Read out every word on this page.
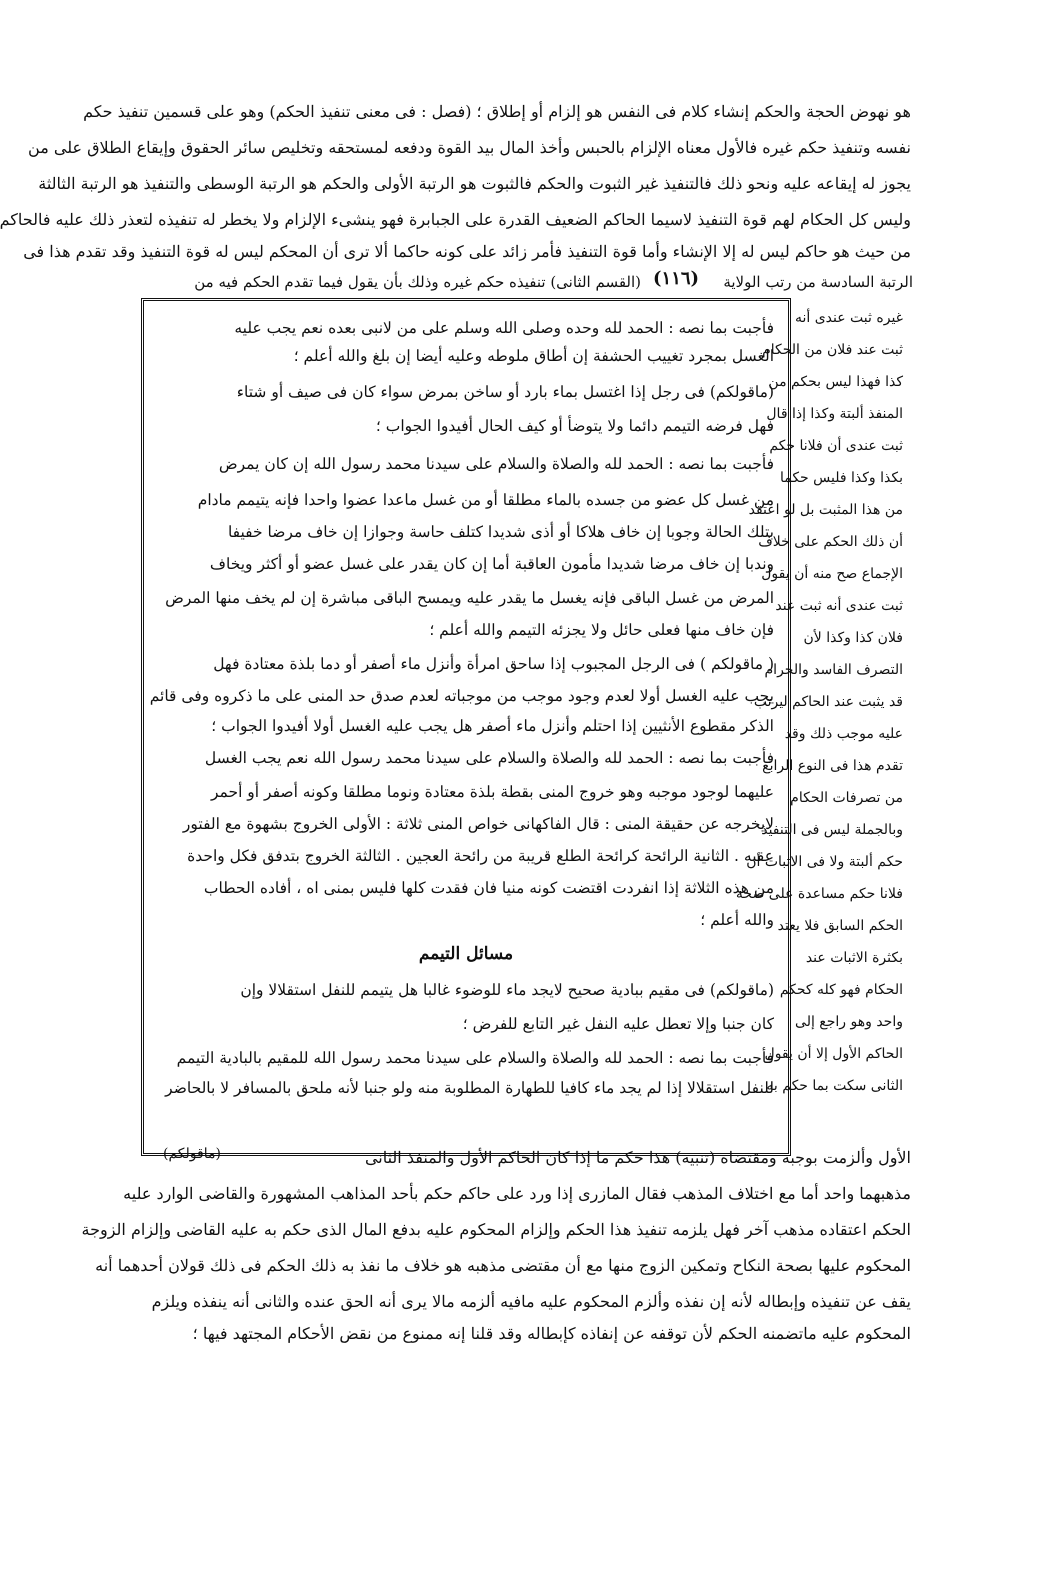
هو نهوض الحجة والحكم إنشاء كلام فى النفس هو إلزام أو إطلاق ؛ (فصل : فى معنى تنفيذ الحكم) وهو على قسمين تنفيذ حكم
نفسه وتنفيذ حكم غيره فالأول معناه الإلزام بالحبس وأخذ المال بيد القوة ودفعه لمستحقه وتخليص سائر الحقوق وإيقاع الطلاق على من
يجوز له إيقاعه عليه ونحو ذلك فالتنفيذ غير الثبوت والحكم فالثبوت هو الرتبة الأولى والحكم هو الرتبة الوسطى والتنفيذ هو الرتبة الثالثة
وليس كل الحكام لهم قوة التنفيذ لاسيما الحاكم الضعيف القدرة على الجبابرة فهو ينشىء الإلزام ولا يخطر له تنفيذه لتعذر ذلك عليه فالحاكم
من حيث هو حاكم ليس له إلا الإنشاء وأما قوة التنفيذ فأمر زائد على كونه حاكما ألا ترى أن المحكم ليس له قوة التنفيذ وقد تقدم هذا فى
الرتبة السادسة من رتب الولاية
(١١٦)
(القسم الثانى) تنفيذه حكم غيره وذلك بأن يقول فيما تقدم الحكم فيه من
غيره ثبت عندى أنه
ثبت عند فلان من الحكام
كذا فهذا ليس بحكم من
المنفذ ألبتة وكذا إذا قال
ثبت عندى أن فلانا حكم
بكذا وكذا فليس حكما
من هذا المثبت بل لو اعتقد
أن ذلك الحكم على خلاف
الإجماع صح منه أن يقول
ثبت عندى أنه ثبت عند
فلان كذا وكذا لأن
التصرف الفاسد والحرام
قد يثبت عند الحاكم ليرتب
عليه موجب ذلك وقد
تقدم هذا فى النوع الرابع
من تصرفات الحكام
وبالجملة ليس فى التنفيذ
حكم ألبتة ولا فى الاثبات أن
فلانا حكم مساعدة على صحة
الحكم السابق فلا يعتد
بكثرة الاثبات عند
الحكام فهو كله كحكم
واحد وهو راجع إلى
الحاكم الأول إلا أن يقول
الثانى سكت بما حكم به
فأجبت بما نصه : الحمد لله وحده وصلى الله وسلم على من لانبى بعده نعم يجب عليه
الغسل بمجرد تغييب الحشفة إن أطاق ملوطه وعليه أيضا إن بلغ والله أعلم ؛
(ماقولكم) فى رجل إذا اغتسل بماء بارد أو ساخن بمرض سواء كان فى صيف أو شتاء
فهل فرضه التيمم دائما ولا يتوضأ أو كيف الحال أفيدوا الجواب ؛
فأجبت بما نصه : الحمد لله والصلاة والسلام على سيدنا محمد رسول الله إن كان يمرض
من غسل كل عضو من جسده بالماء مطلقا أو من غسل ماعدا عضوا واحدا فإنه يتيمم مادام
بتلك الحالة وجوبا إن خاف هلاكا أو أذى شديدا كتلف حاسة وجوازا إن خاف مرضا خفيفا
وندبا إن خاف مرضا شديدا مأمون العاقبة أما إن كان يقدر على غسل عضو أو أكثر ويخاف
المرض من غسل الباقى فإنه يغسل ما يقدر عليه ويمسح الباقى مباشرة إن لم يخف منها المرض
فإن خاف منها فعلى حائل ولا يجزئه التيمم والله أعلم ؛
( ماقولكم ) فى الرجل المجبوب إذا ساحق امرأة وأنزل ماء أصفر أو دما بلذة معتادة فهل
يجب عليه الغسل أولا لعدم وجود موجب من موجباته لعدم صدق حد المنى على ما ذكروه وفى قائم
الذكر مقطوع الأنثيين إذا احتلم وأنزل ماء أصفر هل يجب عليه الغسل أولا أفيدوا الجواب ؛
فأجبت بما نصه : الحمد لله والصلاة والسلام على سيدنا محمد رسول الله نعم يجب الغسل
عليهما لوجود موجبه وهو خروج المنى بقطة بلذة معتادة ونوما مطلقا وكونه أصفر أو أحمر
لايخرجه عن حقيقة المنى : قال الفاكهانى خواص المنى ثلاثة : الأولى الخروج بشهوة مع الفتور
عقبه . الثانية الرائحة كرائحة الطلع قريبة من رائحة العجين . الثالثة الخروج بتدفق فكل واحدة
من هذه الثلاثة إذا انفردت اقتضت كونه منيا فان فقدت كلها فليس بمنى اه ، أفاده الحطاب
والله أعلم ؛
مسائل التيمم
(ماقولكم) فى مقيم ببادية صحيح لايجد ماء للوضوء غالبا هل يتيمم للنفل استقلالا وإن
كان جنبا وإلا تعطل عليه النفل غير التابع للفرض ؛
فأجبت بما نصه : الحمد لله والصلاة والسلام على سيدنا محمد رسول الله للمقيم بالبادية التيمم
للنفل استقلالا إذا لم يجد ماء كافيا للطهارة المطلوبة منه ولو جنبا لأنه ملحق بالمسافر لا بالحاضر
الأول وألزمت بوجبه ومقتضاه (تنبيه) هذا حكم ما إذا كان الحاكم الأول والمنفذ الثانى
(ماقولكم)
مذهبهما واحد أما مع اختلاف المذهب فقال المازرى إذا ورد على حاكم حكم بأحد المذاهب المشهورة والقاضى الوارد عليه
الحكم اعتقاده مذهب آخر فهل يلزمه تنفيذ هذا الحكم وإلزام المحكوم عليه بدفع المال الذى حكم به عليه القاضى وإلزام الزوجة
المحكوم عليها بصحة النكاح وتمكين الزوج منها مع أن مقتضى مذهبه هو خلاف ما نفذ به ذلك الحكم فى ذلك قولان أحدهما أنه
يقف عن تنفيذه وإبطاله لأنه إن نفذه وألزم المحكوم عليه مافيه ألزمه مالا يرى أنه الحق عنده والثانى أنه ينفذه ويلزم
المحكوم عليه ماتضمنه الحكم لأن توقفه عن إنفاذه كإبطاله وقد قلنا إنه ممنوع من نقض الأحكام المجتهد فيها ؛
